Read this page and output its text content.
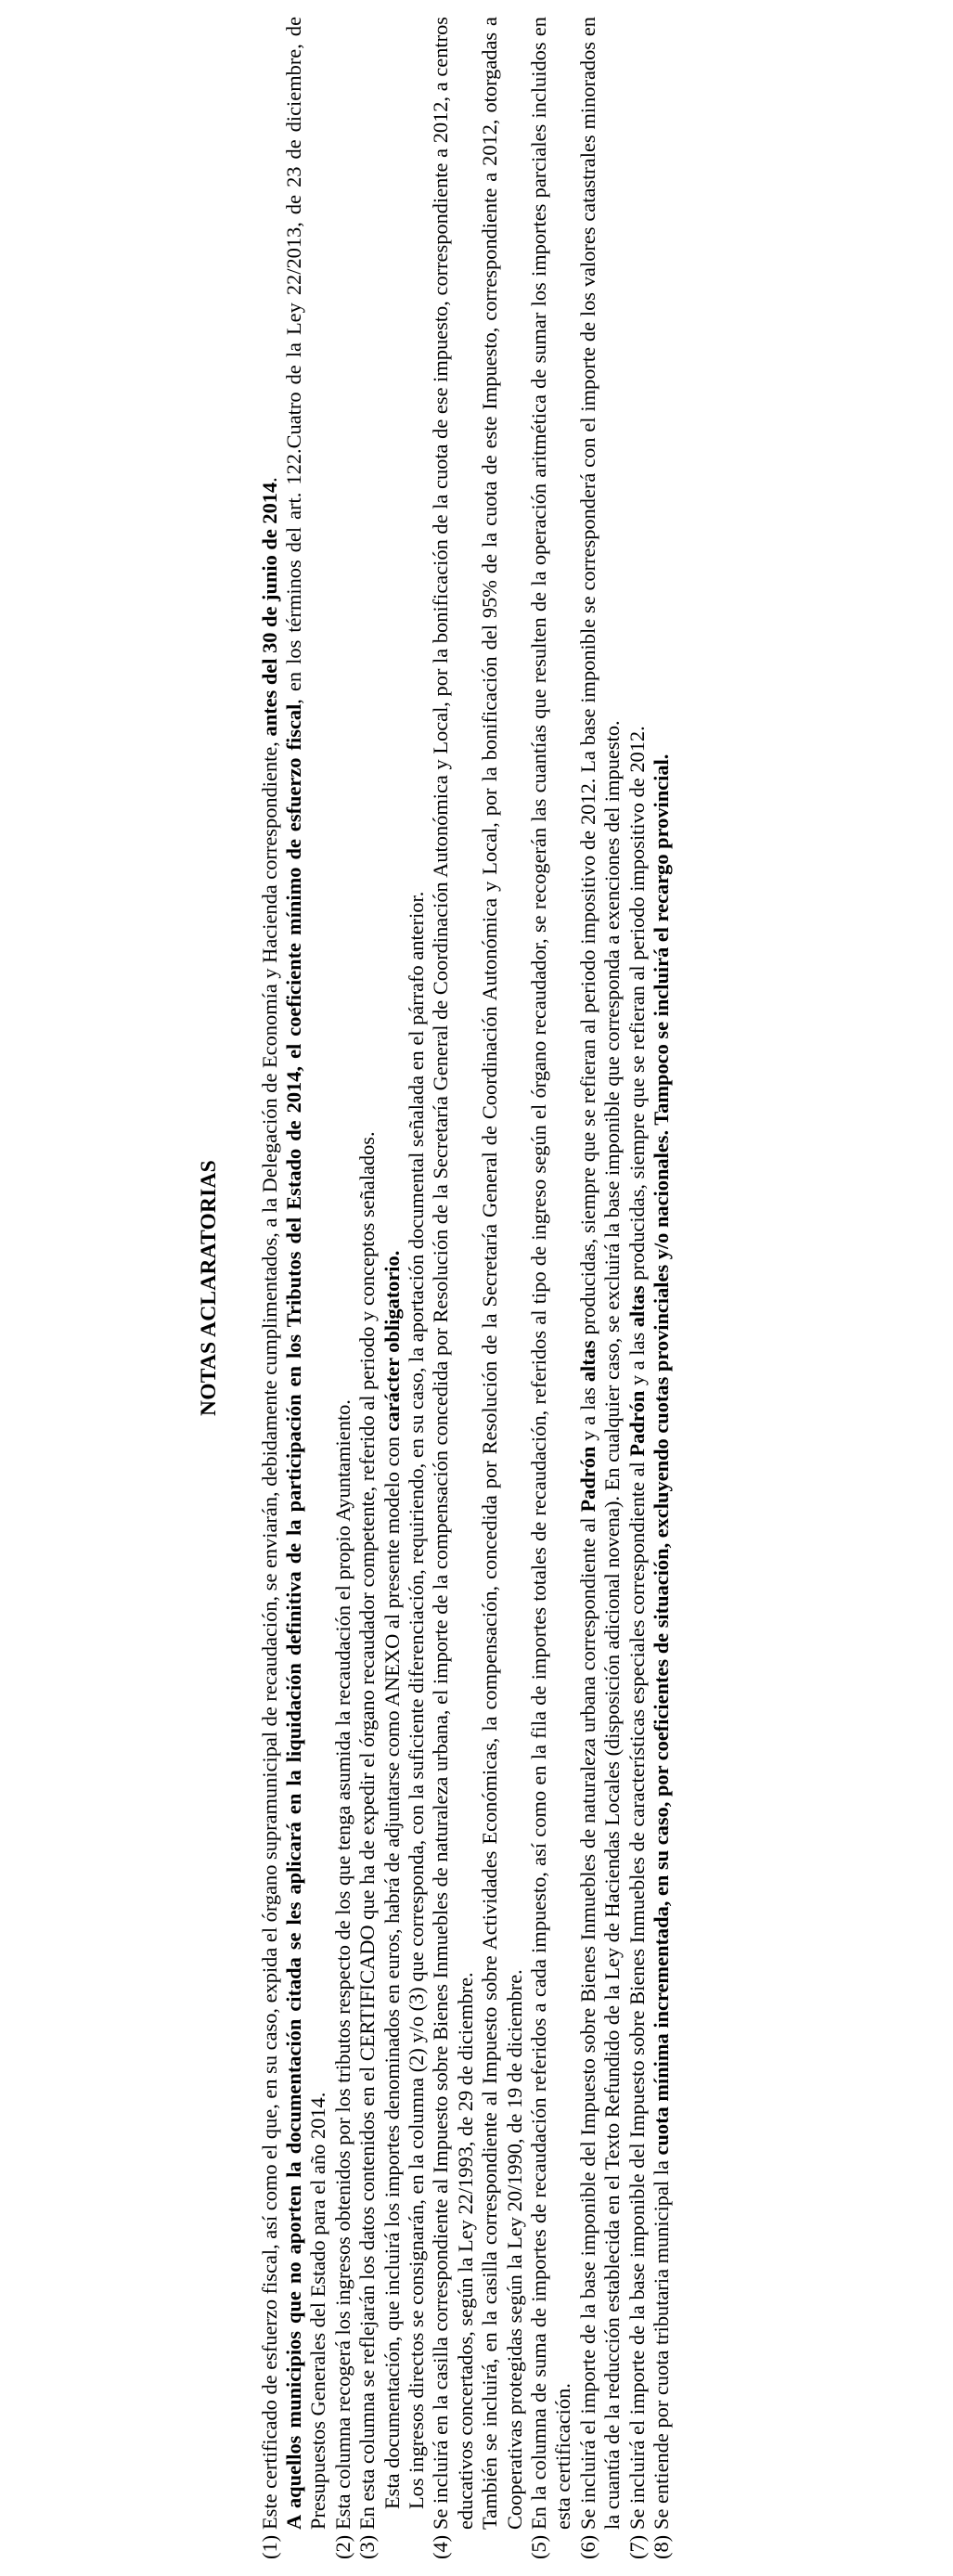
NOTAS ACLARATORIAS
(1)

Este certificado de esfuerzo fiscal, así como el que, en su caso, expida el órgano supramunicipal de recaudación, se enviarán, debidamente cumplimentados, a la Delegación de Economía y Hacienda correspondiente, antes del 30 de junio de 2014.

A aquellos municipios que no aporten la documentación citada se les aplicará en la liquidación definitiva de la participación en los Tributos del Estado de 2014, el coeficiente mínimo de esfuerzo fiscal, en los términos del art. 122.Cuatro de la Ley 22/2013, de 23 de diciembre, de Presupuestos Generales del Estado para el año 2014.

(2)

Esta columna recogerá los ingresos obtenidos por los tributos respecto de los que tenga asumida la recaudación el propio Ayuntamiento.

(3)

En esta columna se reflejarán los datos contenidos en el CERTIFICADO que ha de expedir el órgano recaudador competente, referido al periodo y conceptos señalados. Esta documentación, que incluirá los importes denominados en euros, habrá de adjuntarse como ANEXO al presente modelo con carácter obligatorio. Los ingresos directos se consignarán, en la columna (2) y/o (3) que corresponda, con la suficiente diferenciación, requiriendo, en su caso, la aportación documental señalada en el párrafo anterior.

(4)

Se incluirá en la casilla correspondiente al Impuesto sobre Bienes Inmuebles de naturaleza urbana, el importe de la compensación concedida por Resolución de la Secretaría General de Coordinación Autonómica y Local, por la bonificación de la cuota de ese impuesto, correspondiente a 2012, a centros educativos concertados, según la Ley 22/1993, de 29 de diciembre. También se incluirá, en la casilla correspondiente al Impuesto sobre Actividades Económicas, la compensación, concedida por Resolución de la Secretaría General de Coordinación Autonómica y Local, por la bonificación del 95% de la cuota de este Impuesto, correspondiente a 2012, otorgadas a Cooperativas protegidas según la Ley 20/1990, de 19 de diciembre.

(5)

En la columna de suma de importes de recaudación referidos a cada impuesto, así como en la fila de importes totales de recaudación, referidos al tipo de ingreso según el órgano recaudador, se recogerán las cuantías que resulten de la operación aritmética de sumar los importes parciales incluidos en esta certificación.

(6)

Se incluirá el importe de la base imponible del Impuesto sobre Bienes Inmuebles de naturaleza urbana correspondiente al Padrón y a las altas producidas, siempre que se refieran al periodo impositivo de 2012. La base imponible se corresponderá con el importe de los valores catastrales minorados en la cuantía de la reducción establecida en el Texto Refundido de la Ley de Haciendas Locales (disposición adicional novena). En cualquier caso, se excluirá la base imponible que corresponda a exenciones del impuesto.

(7)

Se incluirá el importe de la base imponible del Impuesto sobre Bienes Inmuebles de características especiales correspondiente al Padrón y a las altas producidas, siempre que se refieran al periodo impositivo de 2012.

(8)

Se entiende por cuota tributaria municipal la cuota mínima incrementada, en su caso, por coeficientes de situación, excluyendo cuotas provinciales y/o nacionales. Tampoco se incluirá el recargo provincial.
